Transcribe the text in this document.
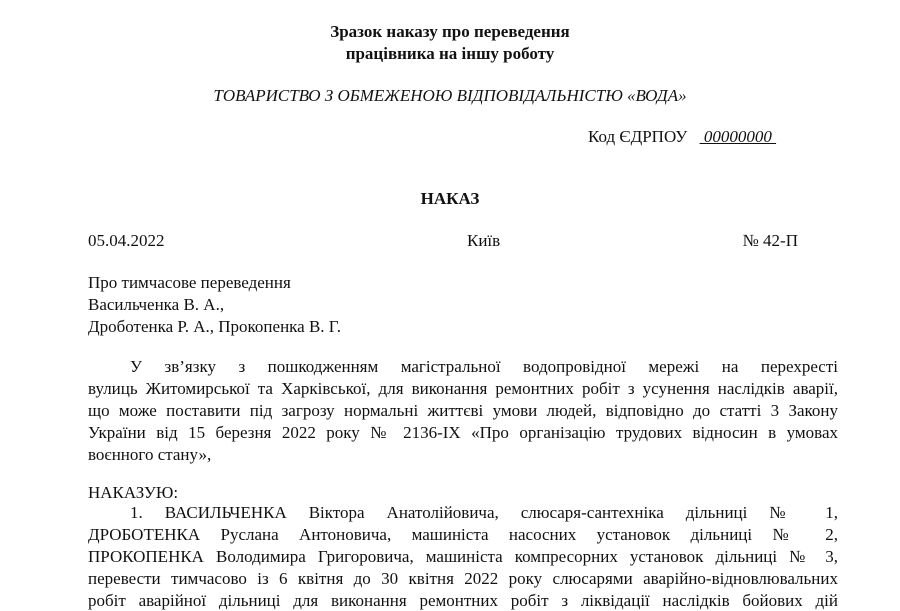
Зразок наказу про переведення
працівника на іншу роботу
ТОВАРИСТВО З ОБМЕЖЕНОЮ ВІДПОВІДАЛЬНІСТЮ «ВОДА»
Код ЄДРПОУ  00000000
НАКАЗ
05.04.2022	Київ	№ 42-П
Про тимчасове переведення
Васильченка В. А.,
Дроботенка Р. А., Прокопенка В. Г.
У зв’язку з пошкодженням магістральної водопровідної мережі на перехресті
вулиць Житомирської та Харківської, для виконання ремонтних робіт з усунення наслідків аварії,
що може поставити під загрозу нормальні життєві умови людей, відповідно до статті 3 Закону
України від 15 березня 2022 року № 2136-IX «Про організацію трудових відносин в умовах
воєнного стану»,
НАКАЗУЮ:
1. ВАСИЛЬЧЕНКА Віктора Анатолійовича, слюсаря-сантехніка дільниці № 1,
ДРОБОТЕНКА Руслана Антоновича, машиніста насосних установок дільниці № 2,
ПРОКОПЕНКА Володимира Григоровича, машиніста компресорних установок дільниці № 3,
перевести тимчасово із 6 квітня до 30 квітня 2022 року слюсарями аварійно-відновлювальних
робіт аварійної дільниці для виконання ремонтних робіт з ліквідації наслідків бойових дій
